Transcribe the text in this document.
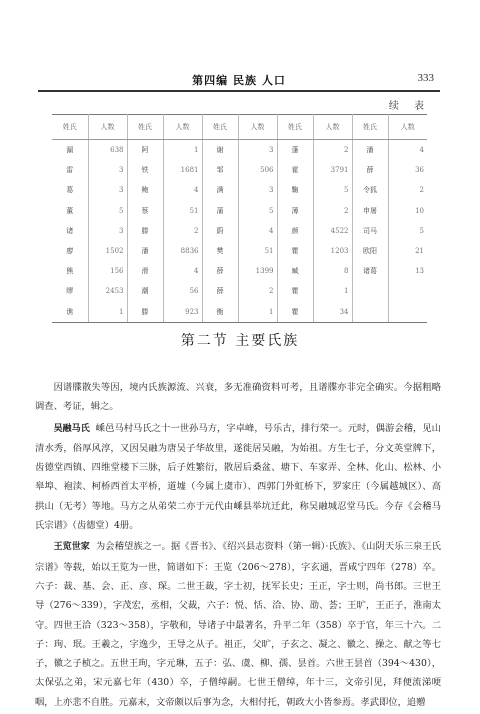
第四编 民族 人口	333
续 表
姓氏	人数	姓氏	人数	姓氏	人数	姓氏	人数	姓氏	人数
漏	638	阿	1	谢	3	蓬	2	潘	4
雷	3	铁	1681	邹	506	霍	3791	薛	36
葛	3	鲍	4	满	3	鞠	5	令狐	2
董	5	蔡	51	蒲	5	薄	2	申屠	10
诸	3	滕	2	蔚	4	颜	4522	司马	5
廖	1502	潘	8836	樊	51	瞿	1203	欧阳	21
熊	156	滑	4	薛	1399	臧	8	诸葛	13
缪	2453	潮	56	薛	2	瞿	1		
谯	1	滕	923	衡	1	瞿	34		
第二节 主要氏族

因谱牒散失等因，境内氏族源流、兴衰，多无准确资料可考，且谱牒亦非完全确实。今据粗略调查、考证，辑之。

吴融马氏 嵊邑马村马氏之十一世孙马方，字卓峰，号乐古，排行荣一。元时，偶游会稽，见山清水秀，俗厚风淳，又因吴融为唐吴子华故里，遂徙居吴融，为始祖。方生七子，分文英堂牌下，齿德堂西镇、四维堂楼下三脉，后子姓繁衍，散居后桑盆、塘下、车家弄、全林、化山、松林、小皋埠、袍渎、柯桥西首太平桥，道墟（今属上虞市）、西郭门外虹桥下，罗家庄（今属越城区）、高拱山（无考）等地。马方之从弟荣二亦于元代由嵊县举坑迁此，称吴融城忍堂马氏。今存《会稽马氏宗谱》（齿德堂）4册。

王览世家 为会稽望族之一。据《晋书》、《绍兴县志资料（第一辑）·氏族》、《山阴天乐三泉王氏宗谱》等载，始以王览为一世，简谱如下：王览（206～278），字玄通，晋咸宁四年（278）卒。六子：裁、基、会、正、彦、琛。二世王裁，字士初，抚军长史；王正，字士则，尚书郎。三世王导（276～339），字茂宏，丞相，父裁，六子：悦、恬、洽、协、劭、荟；王旷，王正子，淮南太守。四世王洽（323～358），字敬和，导诸子中最著名，升平二年（358）卒于官，年三十六。二子：珣、珉。王羲之，字逸少，王导之从子。祖正，父旷，子玄之、凝之、徽之、操之、献之等七子，徽之子桢之。五世王珣，字元琳，五子：弘、虞、柳、孺、昙首。六世王昙首（394～430），太保弘之弟，宋元嘉七年（430）卒，子僧绰嗣。七世王僧绰，年十三，文帝引见，拜便流涕哽咽，上亦悲不自胜。元嘉末，文帝颇以后事为念，大相付托，朝政大小皆参焉。孝武即位，追赠
